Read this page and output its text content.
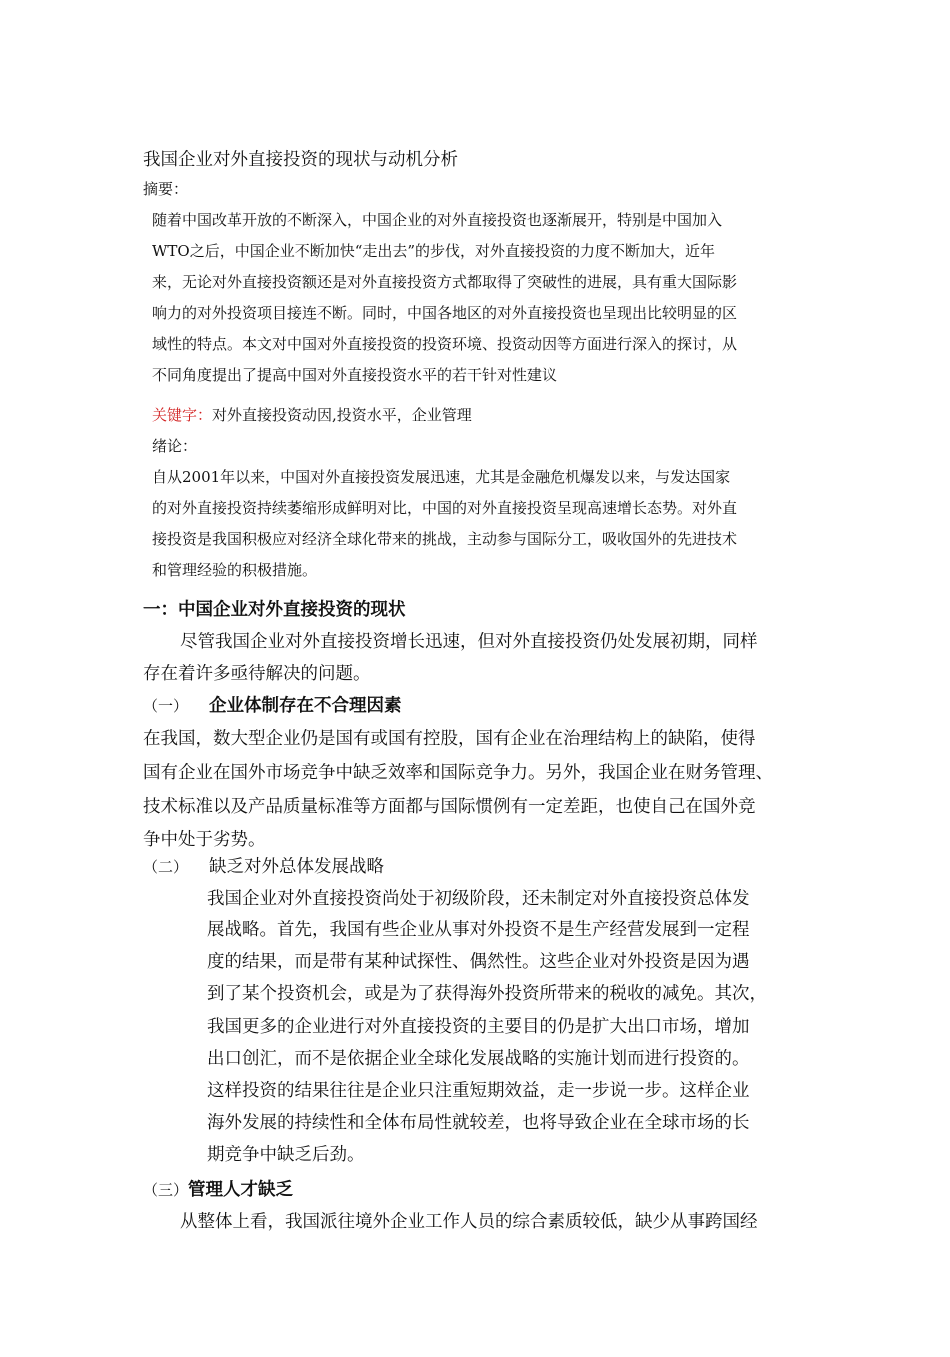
我国企业对外直接投资的现状与动机分析
摘要：
随着中国改革开放的不断深入，中国企业的对外直接投资也逐渐展开，特别是中国加入
WTO之后，中国企业不断加快“走出去”的步伐，对外直接投资的力度不断加大，近年
来，无论对外直接投资额还是对外直接投资方式都取得了突破性的进展，具有重大国际影
响力的对外投资项目接连不断。同时，中国各地区的对外直接投资也呈现出比较明显的区
域性的特点。本文对中国对外直接投资的投资环境、投资动因等方面进行深入的探讨，从
不同角度提出了提高中国对外直接投资水平的若干针对性建议
关键字：对外直接投资动因,投资水平，企业管理
绪论：
自从2001年以来，中国对外直接投资发展迅速，尤其是金融危机爆发以来，与发达国家
的对外直接投资持续萎缩形成鲜明对比，中国的对外直接投资呈现高速增长态势。对外直
接投资是我国积极应对经济全球化带来的挑战，主动参与国际分工，吸收国外的先进技术
和管理经验的积极措施。
一：中国企业对外直接投资的现状
尽管我国企业对外直接投资增长迅速，但对外直接投资仍处发展初期，同样
存在着许多亟待解决的问题。
（一） 企业体制存在不合理因素
在我国，数大型企业仍是国有或国有控股，国有企业在治理结构上的缺陷，使得
国有企业在国外市场竞争中缺乏效率和国际竞争力。另外，我国企业在财务管理、
技术标准以及产品质量标准等方面都与国际惯例有一定差距，也使自己在国外竞
争中处于劣势。
（二） 缺乏对外总体发展战略
我国企业对外直接投资尚处于初级阶段，还未制定对外直接投资总体发
展战略。首先，我国有些企业从事对外投资不是生产经营发展到一定程
度的结果，而是带有某种试探性、偶然性。这些企业对外投资是因为遇
到了某个投资机会，或是为了获得海外投资所带来的税收的减免。其次，
我国更多的企业进行对外直接投资的主要目的仍是扩大出口市场，增加
出口创汇，而不是依据企业全球化发展战略的实施计划而进行投资的。
这样投资的结果往往是企业只注重短期效益，走一步说一步。这样企业
海外发展的持续性和全体布局性就较差，也将导致企业在全球市场的长
期竞争中缺乏后劲。
（三）管理人才缺乏
从整体上看，我国派往境外企业工作人员的综合素质较低，缺少从事跨国经
